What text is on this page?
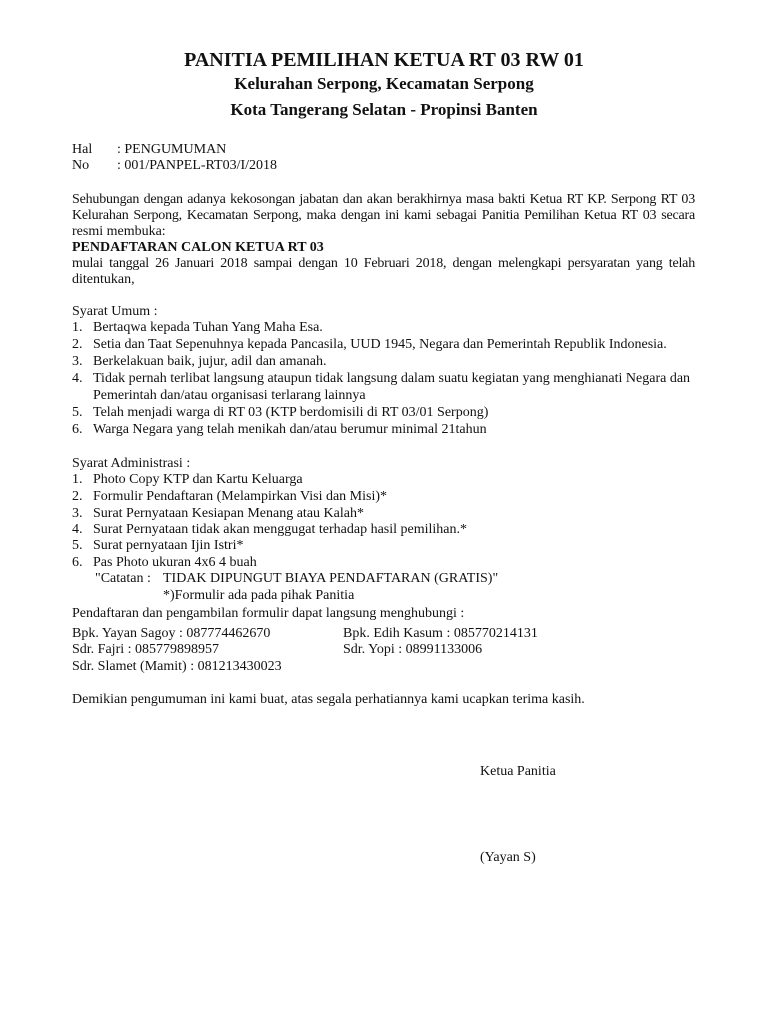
PANITIA PEMILIHAN KETUA RT 03 RW 01
Kelurahan Serpong, Kecamatan Serpong
Kota Tangerang Selatan - Propinsi Banten
Hal : PENGUMUMAN
No : 001/PANPEL-RT03/I/2018
Sehubungan dengan adanya kekosongan jabatan dan akan berakhirnya masa bakti Ketua RT KP. Serpong RT 03
Kelurahan Serpong, Kecamatan Serpong, maka dengan ini kami sebagai Panitia Pemilihan Ketua RT 03 secara
resmi membuka:
PENDAFTARAN CALON KETUA RT 03
mulai tanggal 26 Januari 2018 sampai dengan 10 Februari 2018, dengan melengkapi persyaratan yang telah
ditentukan,
Syarat Umum :
1. Bertaqwa kepada Tuhan Yang Maha Esa.
2. Setia dan Taat Sepenuhnya kepada Pancasila, UUD 1945, Negara dan Pemerintah Republik Indonesia.
3. Berkelakuan baik, jujur, adil dan amanah.
4. Tidak pernah terlibat langsung ataupun tidak langsung dalam suatu kegiatan yang menghianati Negara dan
Pemerintah dan/atau organisasi terlarang lainnya
5. Telah menjadi warga di RT 03 (KTP berdomisili di RT 03/01 Serpong)
6. Warga Negara yang telah menikah dan/atau berumur minimal 21tahun
Syarat Administrasi :
1. Photo Copy KTP dan Kartu Keluarga
2. Formulir Pendaftaran (Melampirkan Visi dan Misi)*
3. Surat Pernyataan Kesiapan Menang atau Kalah*
4. Surat Pernyataan tidak akan menggugat terhadap hasil pemilihan.*
5. Surat pernyataan Ijin Istri*
6. Pas Photo ukuran 4x6 4 buah
"Catatan : TIDAK DIPUNGUT BIAYA PENDAFTARAN (GRATIS)"
*)Formulir ada pada pihak Panitia
Pendaftaran dan pengambilan formulir dapat langsung menghubungi :
Bpk. Yayan Sagoy : 087774462670
Sdr. Fajri : 085779898957
Sdr. Slamet (Mamit) : 081213430023
Bpk. Edih Kasum : 085770214131
Sdr. Yopi : 08991133006
Demikian pengumuman ini kami buat, atas segala perhatiannya kami ucapkan terima kasih.
Ketua Panitia
(Yayan S)
